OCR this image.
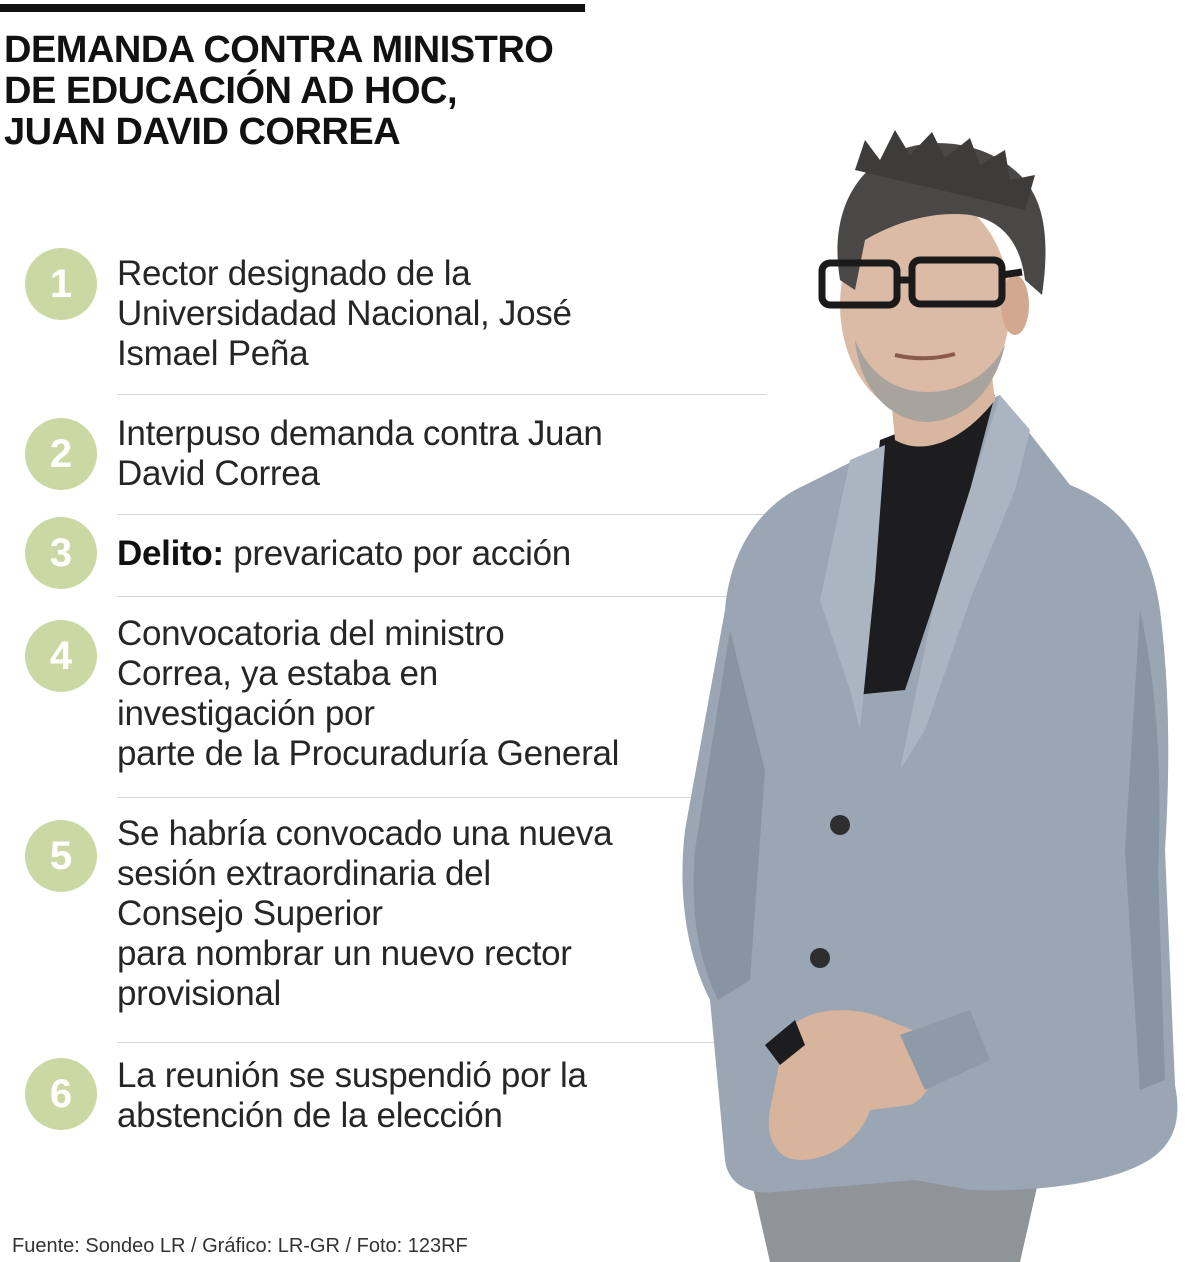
DEMANDA CONTRA MINISTRO
DE EDUCACIÓN AD HOC,
JUAN DAVID CORREA
1	Rector designado de la
Universidadad Nacional, José
Ismael Peña
2	Interpuso demanda contra Juan
David Correa
3	Delito: prevaricato por acción
4
Convocatoria del ministro
Correa, ya estaba en
investigación por
parte de la Procuraduría General
5
Se habría convocado una nueva
sesión extraordinaria del
Consejo Superior
para nombrar un nuevo rector
provisional
6	La reunión se suspendió por la
abstención de la elección
Fuente: Sondeo LR / Gráfico: LR-GR / Foto: 123RF
